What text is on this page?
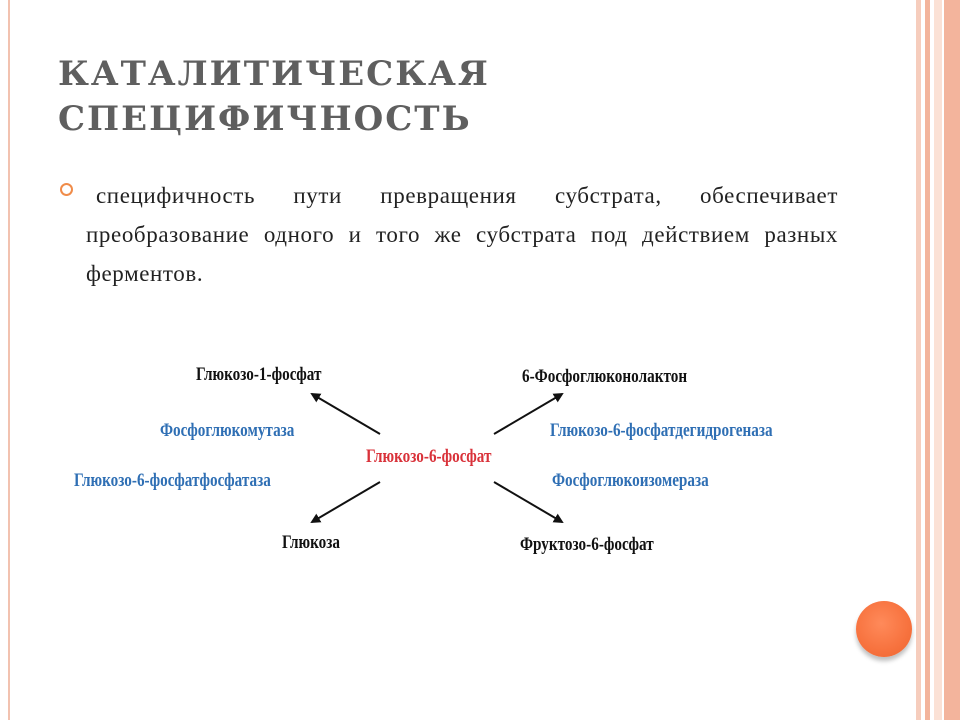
КАТАЛИТИЧЕСКАЯ
СПЕЦИФИЧНОСТЬ
специфичность пути превращения субстрата, обеспечивает преобразование одного и того же субстрата под действием разных ферментов.
Глюкозо-1-фосфат
Глюкоза
6-Фосфоглюконолактон
Фруктозо-6-фосфат
Фосфоглюкомутаза
Глюкозо-6-фосфатфосфатаза
Глюкозо-6-фосфатдегидрогеназа
Фосфоглюкоизомераза
Глюкозо-6-фосфат
